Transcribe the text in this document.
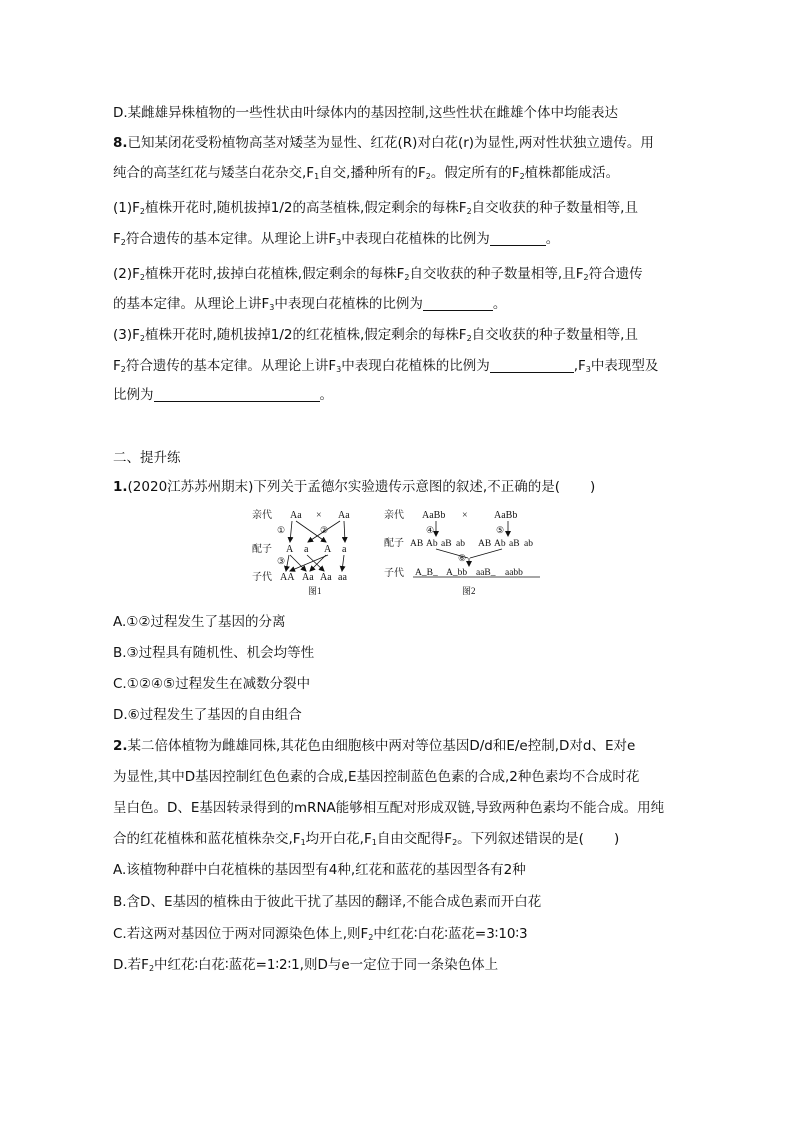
D.某雌雄异株植物的一些性状由叶绿体内的基因控制,这些性状在雌雄个体中均能表达
8.已知某闭花受粉植物高茎对矮茎为显性、红花(R)对白花(r)为显性,两对性状独立遗传。用
纯合的高茎红花与矮茎白花杂交$,F_1$自交,播种所有的$F_2$。假定所有的$F_2$植株都能成活。
$(1)F_2$植株开花时,随机拔掉1/2的高茎植株,假定剩余的每株$F_2$自交收获的种子数量相等,且
$F_2$符合遗传的基本定律。从理论上讲$F_3$中表现白花植株的比例为	。
$(2)F_2$植株开花时,拔掉白花植株,假定剩余的每株$F_2$自交收获的种子数量相等,且$F_2$符合遗传
的基本定律。从理论上讲$F_3$中表现白花植株的比例为	。
$(3)F_2$植株开花时,随机拔掉1/2的红花植株,假定剩余的每株$F_2$自交收获的种子数量相等,且
$F_2$符合遗传的基本定律。从理论上讲$F_3$中表现白花植株的比例为	$,F_3$中表现型及
比例为	。
二、提升练
1.(2020江苏苏州期末)下列关于孟德尔实验遗传示意图的叙述,不正确的是( )
亲代
配子
子代
Aa × Aa
①	②
A a A a
③
AA Aa Aa aa
图1
亲代
配子
子代
AaBb ×	AaBb
④	⑤
AB Ab aB ab AB Ab aB ab
⑥
A_B_ A_bb aaB_ aabb
图2
A.①②过程发生了基因的分离
B.③过程具有随机性、机会均等性
C.①②④⑤过程发生在减数分裂中
D.⑥过程发生了基因的自由组合
2.某二倍体植物为雌雄同株,其花色由细胞核中两对等位基因D/d和E/e控制,D对d、E对e
为显性,其中D基因控制红色色素的合成,E基因控制蓝色色素的合成,2种色素均不合成时花
呈白色。D、E基因转录得到的mRNA能够相互配对形成双链,导致两种色素均不能合成。用纯
合的红花植株和蓝花植株杂交$,F_1$均开白花$,F_1$自由交配得$F_2$。下列叙述错误的是( )
A.该植物种群中白花植株的基因型有4种,红花和蓝花的基因型各有2种
B.含D、E基因的植株由于彼此干扰了基因的翻译,不能合成色素而开白花
C.若这两对基因位于两对同源染色体上,则$F_2$中红花∶白花∶蓝花=3∶10∶3
D.若$F_2$中红花∶白花∶蓝花=1∶2∶1,则D与e一定位于同一条染色体上
